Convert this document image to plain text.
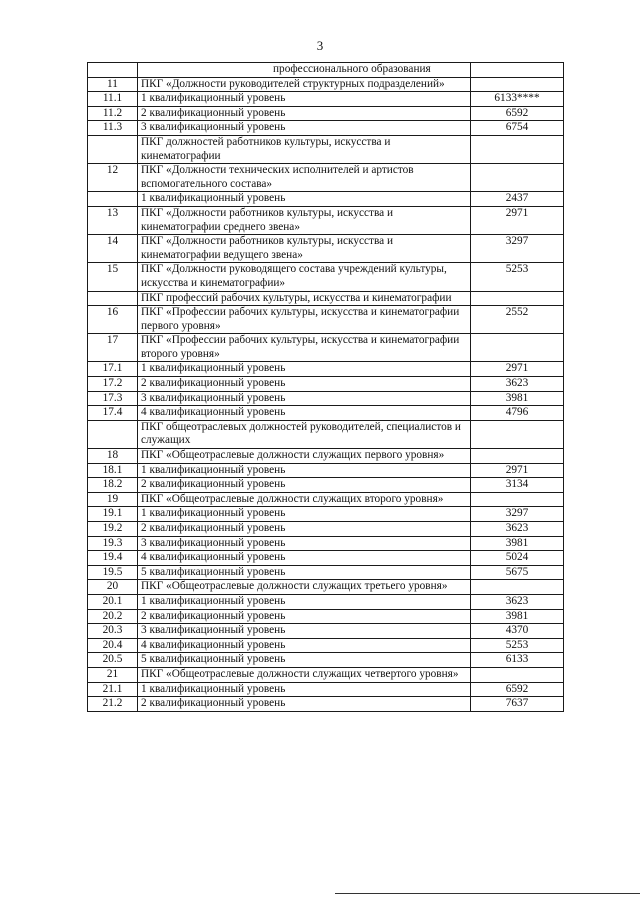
3
	профессионального образования	
11	ПКГ «Должности руководителей структурных подразделений»	
11.1	1 квалификационный уровень	6133****
11.2	2 квалификационный уровень	6592
11.3	3 квалификационный уровень	6754
	ПКГ должностей работников культуры, искусства и кинематографии	
12	ПКГ «Должности технических исполнителей и артистов вспомогательного состава»	
	1 квалификационный уровень	2437
13	ПКГ «Должности работников культуры, искусства и кинематографии среднего звена»	2971
14	ПКГ «Должности работников культуры, искусства и кинематографии ведущего звена»	3297
15	ПКГ «Должности руководящего состава учреждений культуры, искусства и кинематографии»	5253
	ПКГ профессий рабочих культуры, искусства и кинематографии	
16	ПКГ «Профессии рабочих культуры, искусства и кинематографии первого уровня»	2552
17	ПКГ «Профессии рабочих культуры, искусства и кинематографии второго уровня»	
17.1	1 квалификационный уровень	2971
17.2	2 квалификационный уровень	3623
17.3	3 квалификационный уровень	3981
17.4	4 квалификационный уровень	4796
	ПКГ общеотраслевых должностей руководителей, специалистов и служащих	
18	ПКГ «Общеотраслевые должности служащих первого уровня»	
18.1	1 квалификационный уровень	2971
18.2	2 квалификационный уровень	3134
19	ПКГ «Общеотраслевые должности служащих второго уровня»	
19.1	1 квалификационный уровень	3297
19.2	2 квалификационный уровень	3623
19.3	3 квалификационный уровень	3981
19.4	4 квалификационный уровень	5024
19.5	5 квалификационный уровень	5675
20	ПКГ «Общеотраслевые должности служащих третьего уровня»	
20.1	1 квалификационный уровень	3623
20.2	2 квалификационный уровень	3981
20.3	3 квалификационный уровень	4370
20.4	4 квалификационный уровень	5253
20.5	5 квалификационный уровень	6133
21	ПКГ «Общеотраслевые должности служащих четвертого уровня»	
21.1	1 квалификационный уровень	6592
21.2	2 квалификационный уровень	7637
